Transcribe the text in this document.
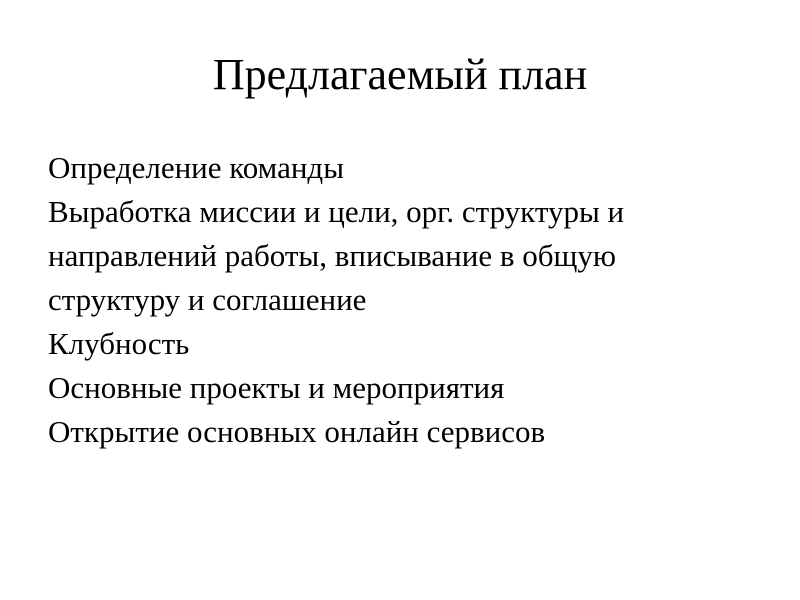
Предлагаемый план
Определение команды
Выработка миссии и цели, орг. структуры и направлений работы, вписывание в общую структуру и соглашение
Клубность
Основные проекты и мероприятия
Открытие основных онлайн сервисов
